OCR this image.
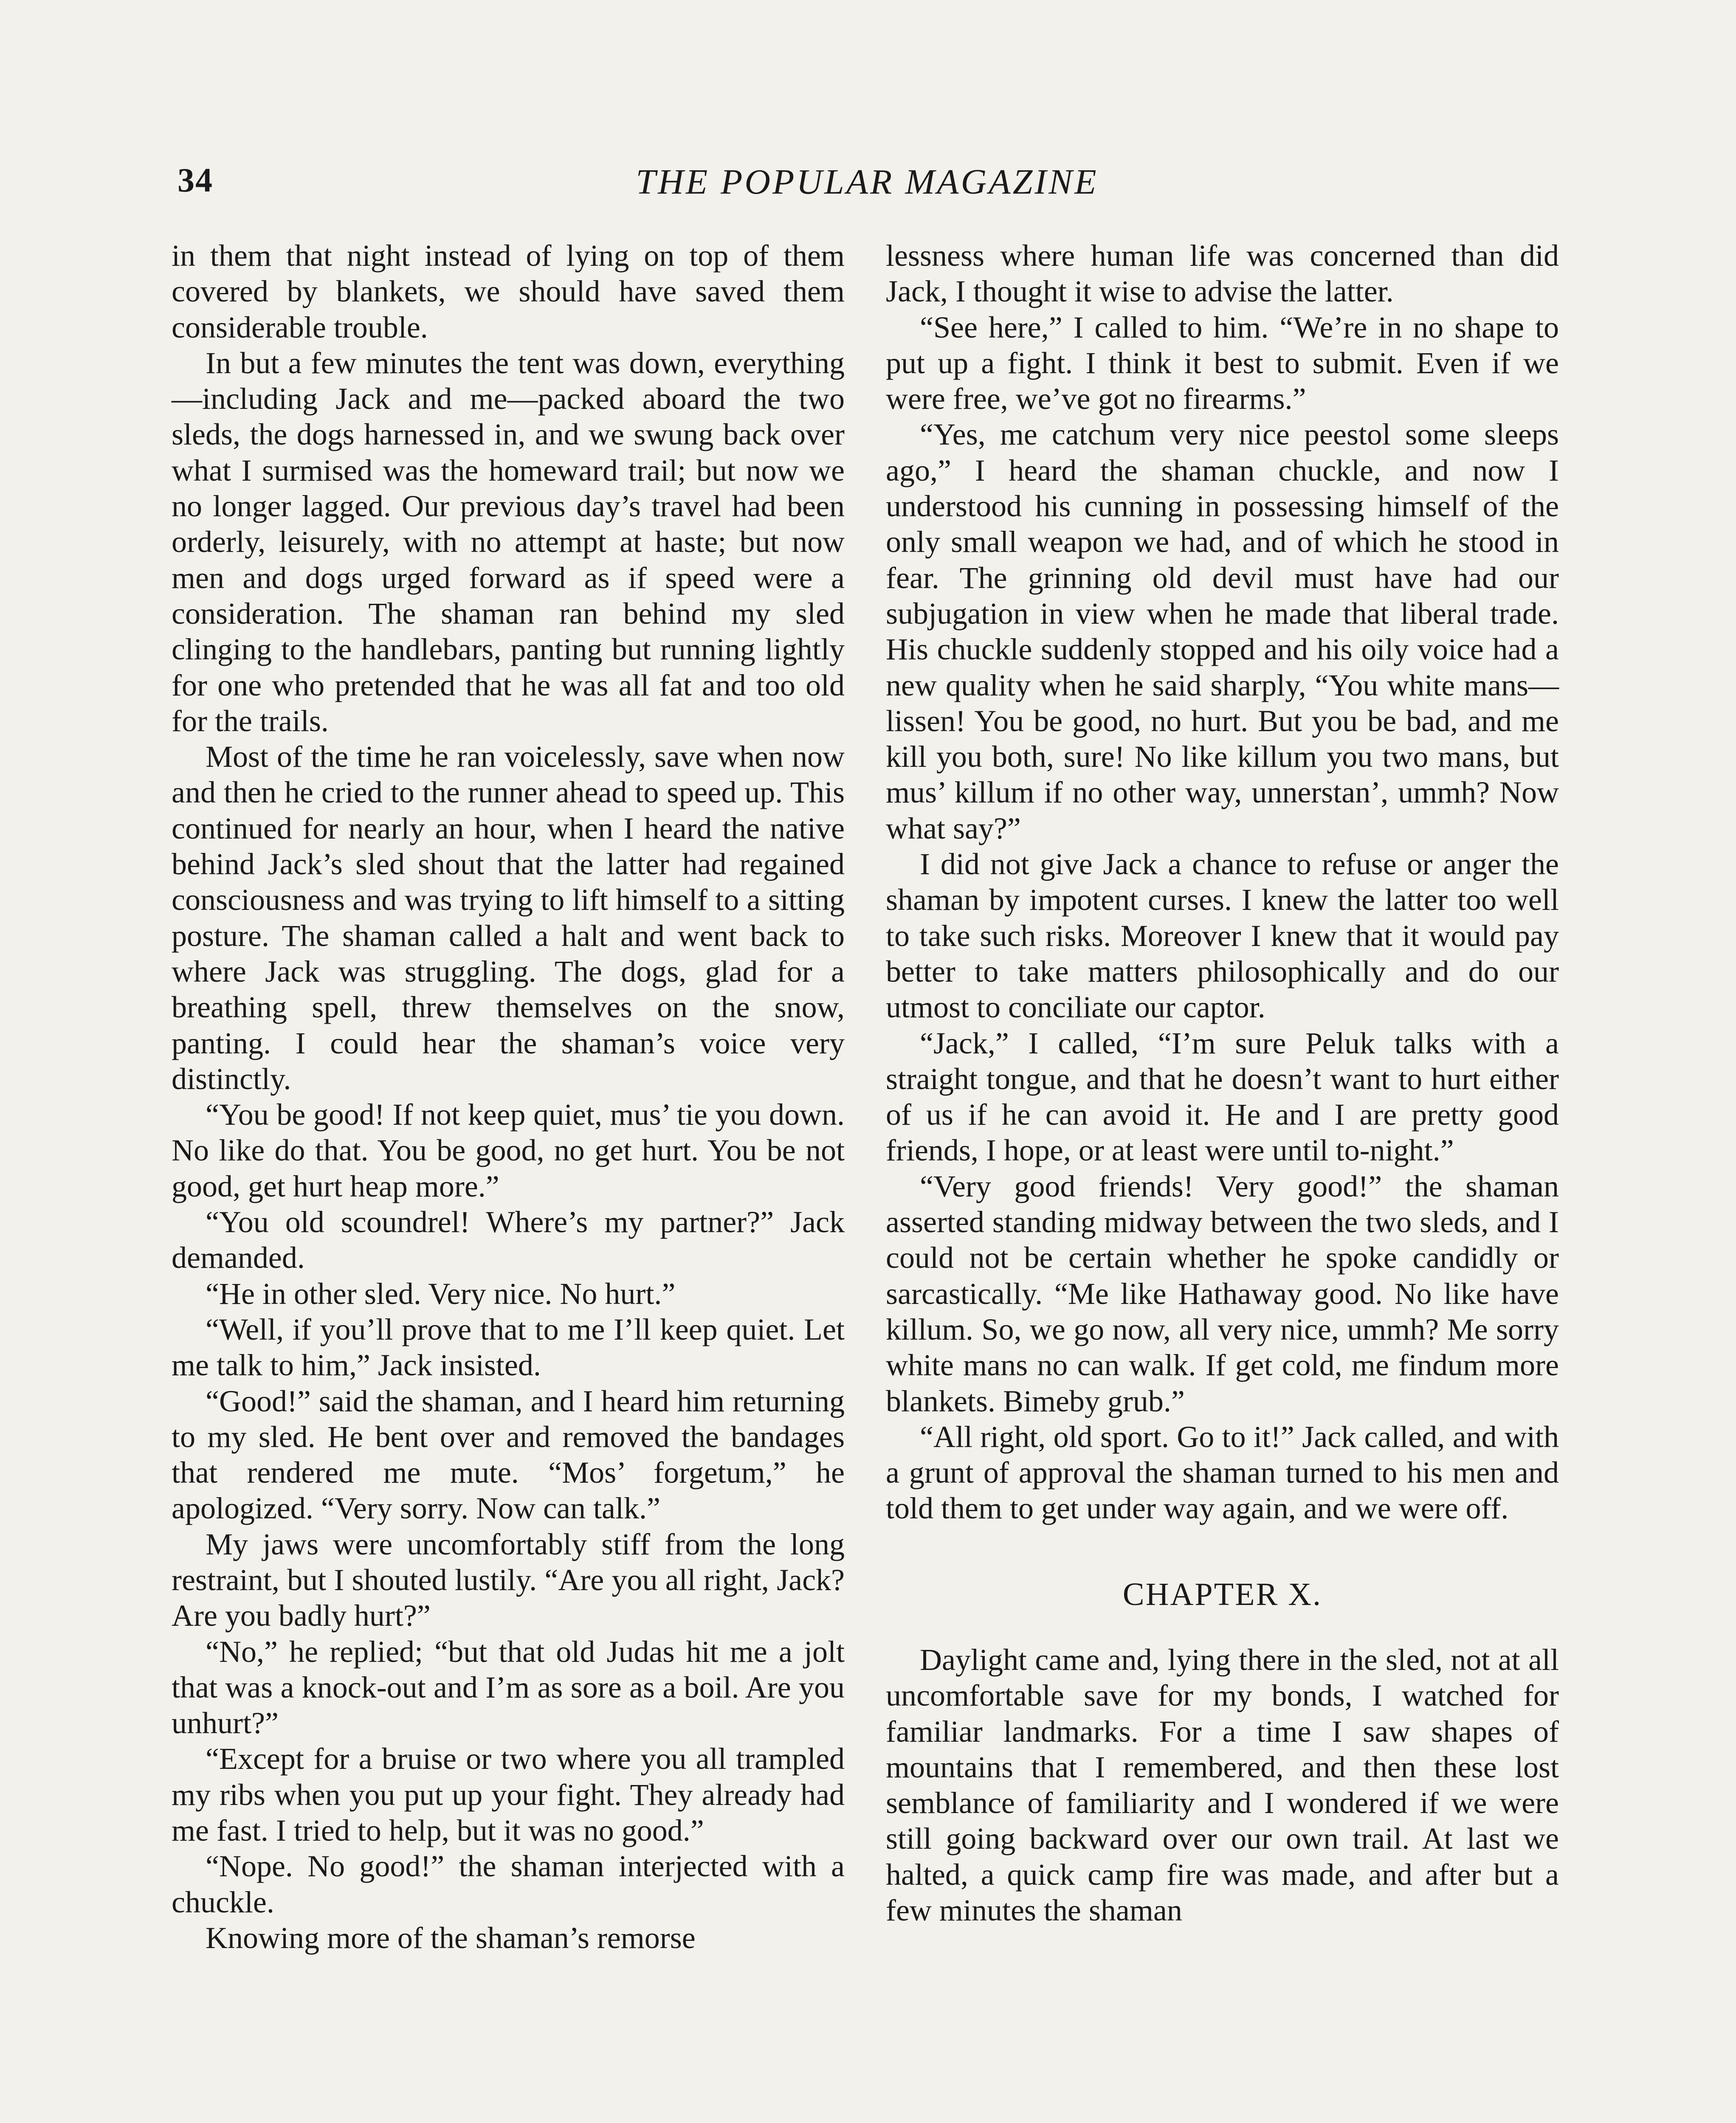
34	THE POPULAR MAGAZINE

in them that night instead of lying on top of them covered by blankets, we should have saved them considerable trouble.

In but a few minutes the tent was down, everything—including Jack and me—packed aboard the two sleds, the dogs harnessed in, and we swung back over what I surmised was the homeward trail; but now we no longer lagged. Our previous day’s travel had been orderly, leisurely, with no attempt at haste; but now men and dogs urged forward as if speed were a consideration. The shaman ran behind my sled clinging to the handlebars, panting but running lightly for one who pretended that he was all fat and too old for the trails.

Most of the time he ran voicelessly, save when now and then he cried to the runner ahead to speed up. This continued for nearly an hour, when I heard the native behind Jack’s sled shout that the latter had regained consciousness and was trying to lift himself to a sitting posture. The shaman called a halt and went back to where Jack was struggling. The dogs, glad for a breathing spell, threw themselves on the snow, panting. I could hear the shaman’s voice very distinctly.

“You be good! If not keep quiet, mus’ tie you down. No like do that. You be good, no get hurt. You be not good, get hurt heap more.”

“You old scoundrel! Where’s my partner?” Jack demanded.

“He in other sled. Very nice. No hurt.”

“Well, if you’ll prove that to me I’ll keep quiet. Let me talk to him,” Jack insisted.

“Good!” said the shaman, and I heard him returning to my sled. He bent over and removed the bandages that rendered me mute. “Mos’ forgetum,” he apologized. “Very sorry. Now can talk.”

My jaws were uncomfortably stiff from the long restraint, but I shouted lustily. “Are you all right, Jack? Are you badly hurt?”

“No,” he replied; “but that old Judas hit me a jolt that was a knock-out and I’m as sore as a boil. Are you unhurt?”

“Except for a bruise or two where you all trampled my ribs when you put up your fight. They already had me fast. I tried to help, but it was no good.”

“Nope. No good!” the shaman interjected with a chuckle.

Knowing more of the shaman’s remorse

lessness where human life was concerned than did Jack, I thought it wise to advise the latter.

“See here,” I called to him. “We’re in no shape to put up a fight. I think it best to submit. Even if we were free, we’ve got no firearms.”

“Yes, me catchum very nice peestol some sleeps ago,” I heard the shaman chuckle, and now I understood his cunning in possessing himself of the only small weapon we had, and of which he stood in fear. The grinning old devil must have had our subjugation in view when he made that liberal trade. His chuckle suddenly stopped and his oily voice had a new quality when he said sharply, “You white mans—lissen! You be good, no hurt. But you be bad, and me kill you both, sure! No like killum you two mans, but mus’ killum if no other way, unnerstan’, ummh? Now what say?”

I did not give Jack a chance to refuse or anger the shaman by impotent curses. I knew the latter too well to take such risks. Moreover I knew that it would pay better to take matters philosophically and do our utmost to conciliate our captor.

“Jack,” I called, “I’m sure Peluk talks with a straight tongue, and that he doesn’t want to hurt either of us if he can avoid it. He and I are pretty good friends, I hope, or at least were until to-night.”

“Very good friends! Very good!” the shaman asserted standing midway between the two sleds, and I could not be certain whether he spoke candidly or sarcastically. “Me like Hathaway good. No like have killum. So, we go now, all very nice, ummh? Me sorry white mans no can walk. If get cold, me findum more blankets. Bimeby grub.”

“All right, old sport. Go to it!” Jack called, and with a grunt of approval the shaman turned to his men and told them to get under way again, and we were off.

CHAPTER X.

Daylight came and, lying there in the sled, not at all uncomfortable save for my bonds, I watched for familiar landmarks. For a time I saw shapes of mountains that I remembered, and then these lost semblance of familiarity and I wondered if we were still going backward over our own trail. At last we halted, a quick camp fire was made, and after but a few minutes the shaman
